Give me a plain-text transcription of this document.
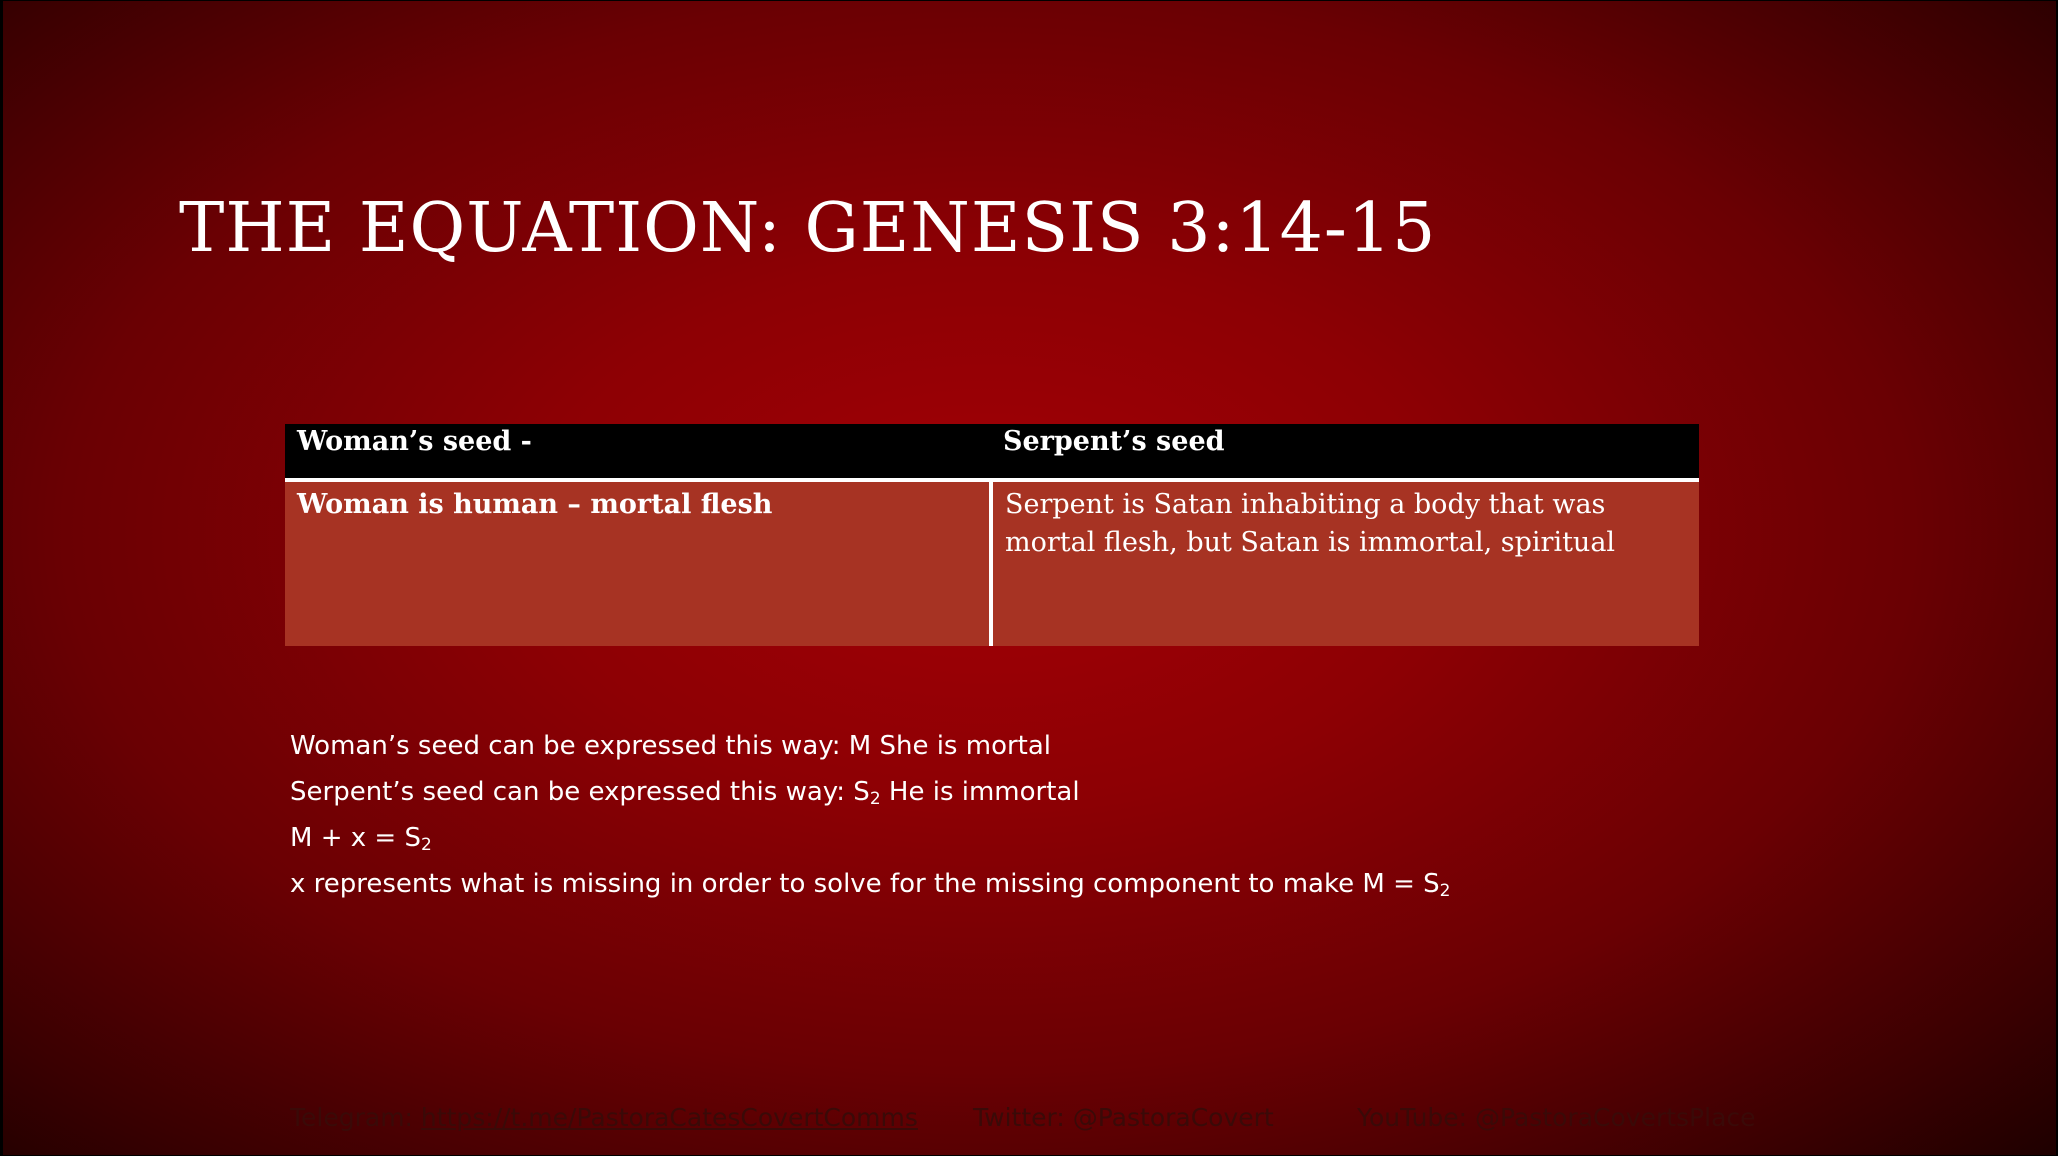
THE EQUATION: GENESIS 3:14-15
Woman’s seed -	Serpent’s seed
Woman is human – mortal flesh	Serpent is Satan inhabiting a body that was mortal flesh, but Satan is immortal, spiritual
Woman’s seed can be expressed this way: M She is mortal
Serpent’s seed can be expressed this way: $S_2$ He is immortal
$M + x = S_2$
x represents what is missing in order to solve for the missing component to make $M = S_2$
Telegram: https://t.me/PastoraCatesCovertComms Twitter: @PastoraCovert	YouTube: @PastoraCovertsPlace
